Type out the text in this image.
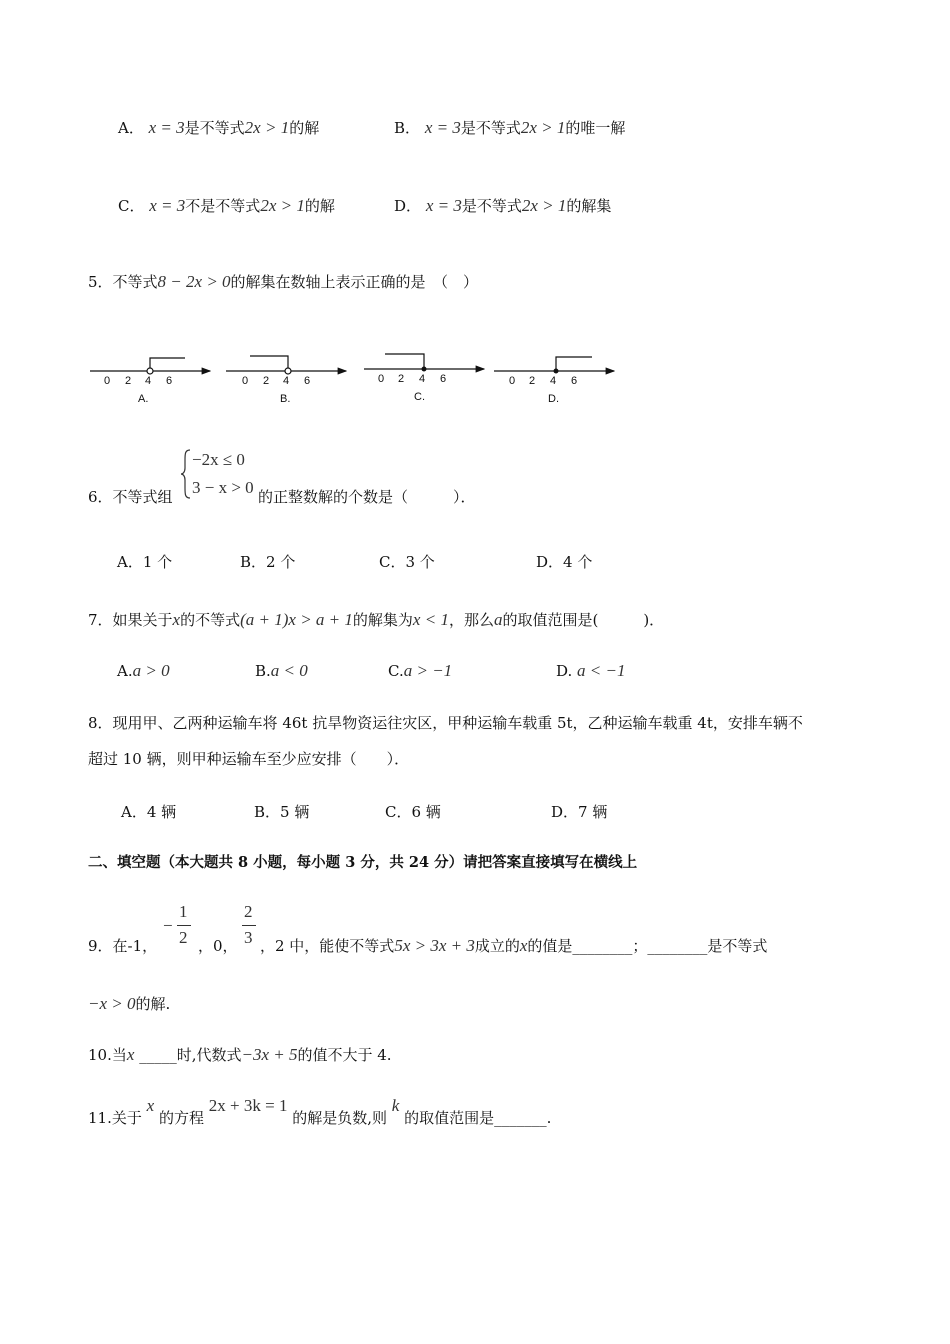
A． x = 3是不等式2x > 1的解	B． x = 3是不等式2x > 1的唯一解
C． x = 3不是不等式2x > 1的解	D． x = 3是不等式2x > 1的解集
5．不等式8 − 2x > 0的解集在数轴上表示正确的是　（　）
0 2 4 6
A.
0 2 4 6
B.
0 2 4 6
C.
0 2 4 6
D.
6．不等式组
−2x ≤ 0
3 − x > 0 的正整数解的个数是（　　　）．
A．1 个	B．2 个	C．3 个	D．4 个
7．如果关于x的不等式(a + 1)x > a + 1的解集为x < 1，那么a的取值范围是(　　　)．
A.a > 0	B.a < 0	C.a > −1	D. a < −1
8．现用甲、乙两种运输车将 46t 抗旱物资运往灾区，甲种运输车载重 5t，乙种运输车载重 4t，安排车辆不
超过 10 辆，则甲种运输车至少应安排（　　）．
A．4 辆	B．5 辆	C．6 辆	D．7 辆
二、填空题（本大题共 8 小题，每小题 3 分，共 24 分）请把答案直接填写在横线上
9．在-1，
−
1
2 ，0，
2
3 ，2 中，能使不等式5x > 3x + 3成立的x的值是________；________是不等式
−x > 0的解.
10.当x _____时,代数式−3x + 5的值不大于 4.
11.关于 x 的方程 2x + 3k = 1 的解是负数,则 k 的取值范围是_______.
